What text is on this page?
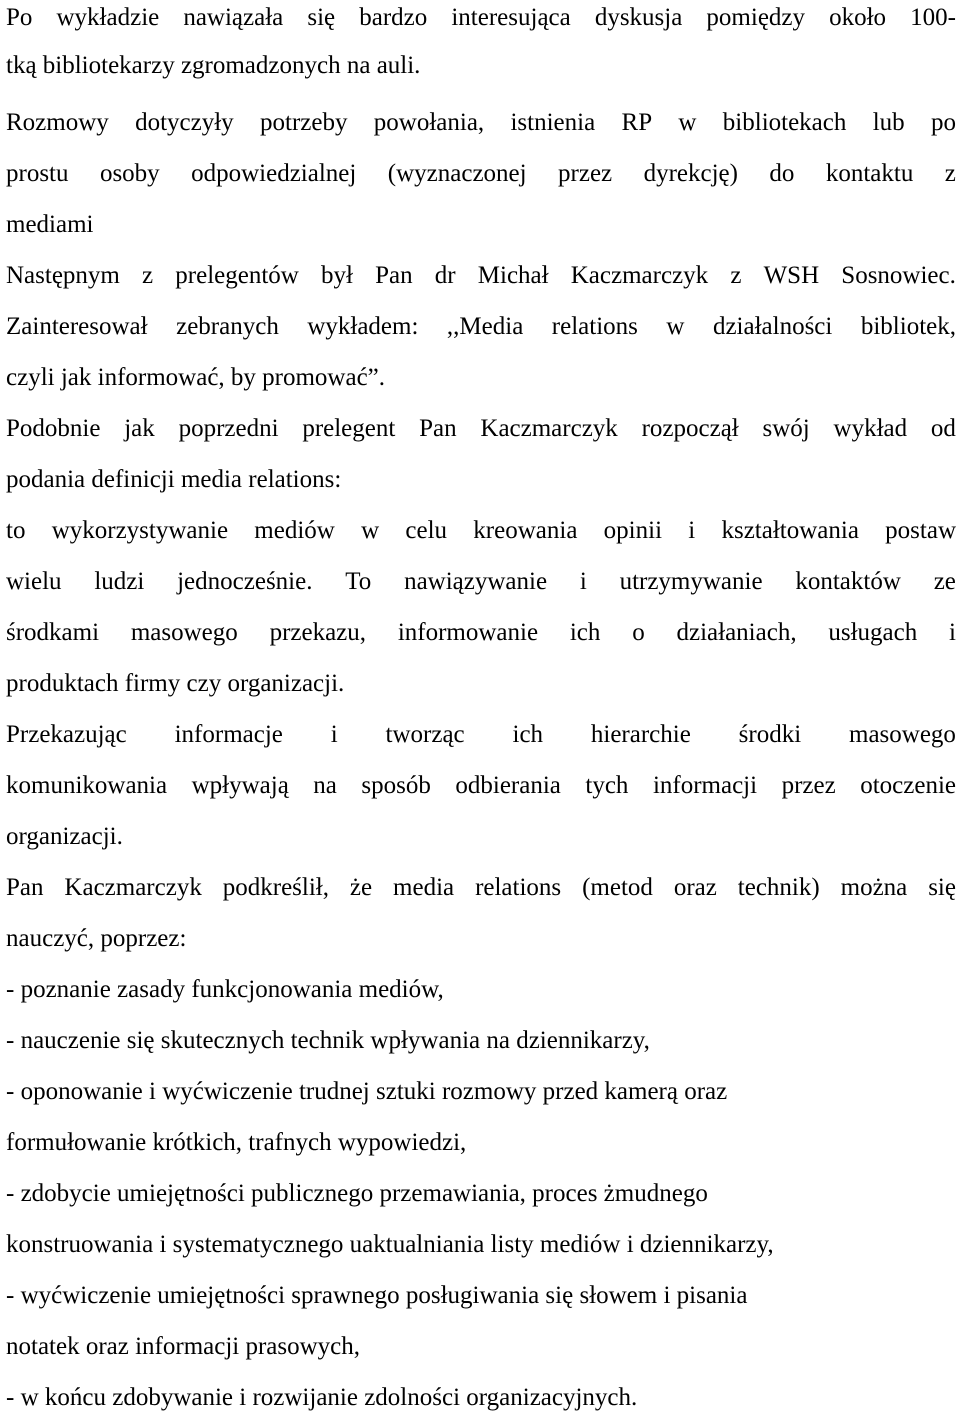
Po wykładzie nawiązała się bardzo interesująca dyskusja pomiędzy około 100-
tką bibliotekarzy zgromadzonych na auli.
Rozmowy dotyczyły potrzeby powołania, istnienia RP w bibliotekach lub po
prostu osoby odpowiedzialnej (wyznaczonej przez dyrekcję) do kontaktu z
mediami
Następnym z prelegentów był Pan dr Michał Kaczmarczyk z WSH Sosnowiec.
Zainteresował zebranych wykładem: ,,Media relations w działalności bibliotek,
czyli jak informować, by promować”.
Podobnie jak poprzedni prelegent Pan Kaczmarczyk rozpoczął swój wykład od
podania definicji media relations:
to wykorzystywanie mediów w celu kreowania opinii i kształtowania postaw
wielu ludzi jednocześnie. To nawiązywanie i utrzymywanie kontaktów ze
środkami masowego przekazu, informowanie ich o działaniach, usługach i
produktach firmy czy organizacji.
Przekazując informacje i tworząc ich hierarchie środki masowego
komunikowania wpływają na sposób odbierania tych informacji przez otoczenie
organizacji.
Pan Kaczmarczyk podkreślił, że media relations (metod oraz technik) można się
nauczyć, poprzez:
- poznanie zasady funkcjonowania mediów,
- nauczenie się skutecznych technik wpływania na dziennikarzy,
- oponowanie i wyćwiczenie trudnej sztuki rozmowy przed kamerą oraz
formułowanie krótkich, trafnych wypowiedzi,
- zdobycie umiejętności publicznego przemawiania, proces żmudnego
konstruowania i systematycznego uaktualniania listy mediów i dziennikarzy,
- wyćwiczenie umiejętności sprawnego posługiwania się słowem i pisania
notatek oraz informacji prasowych,
- w końcu zdobywanie i rozwijanie zdolności organizacyjnych.
